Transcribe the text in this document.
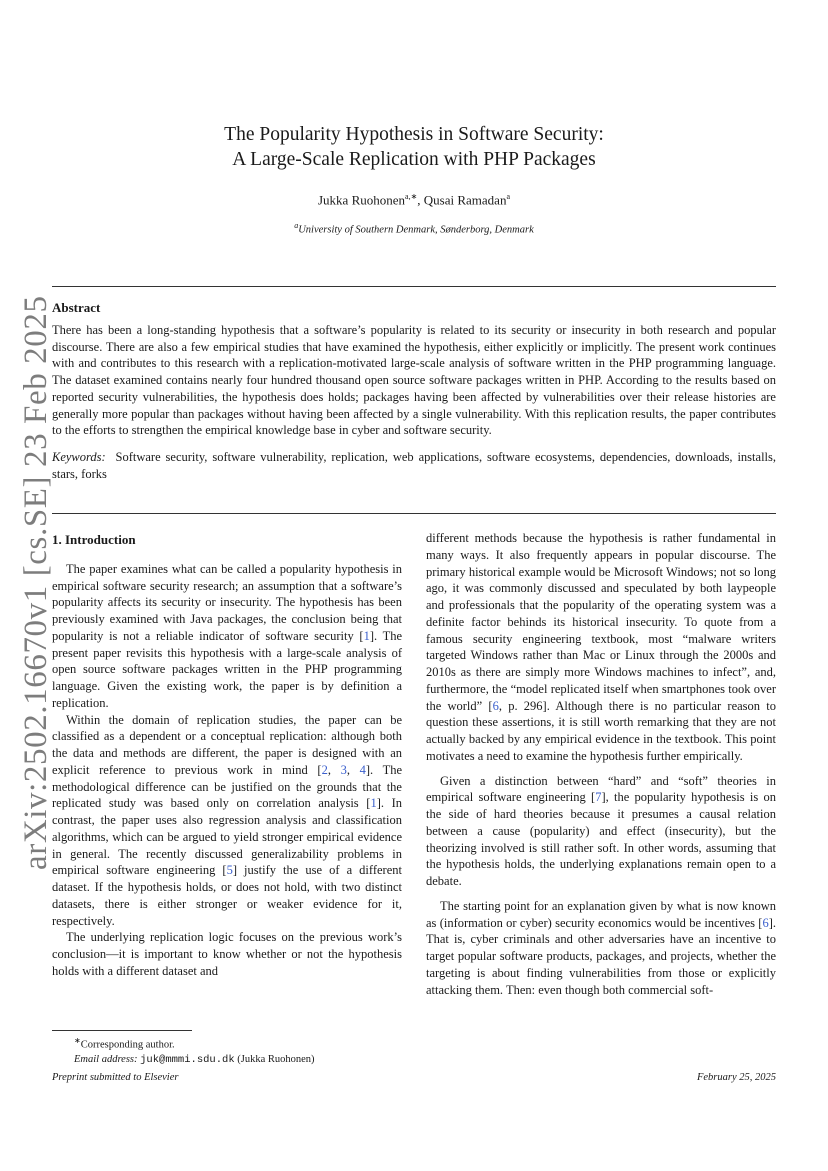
arXiv:2502.16670v1 [cs.SE] 23 Feb 2025
The Popularity Hypothesis in Software Security:
A Large-Scale Replication with PHP Packages
Jukka Ruohonen$^{a,∗}$, Qusai Ramadan$^a$
$^a$University of Southern Denmark, Sønderborg, Denmark
Abstract

There has been a long-standing hypothesis that a software’s popularity is related to its security or insecurity in both research and popular discourse. There are also a few empirical studies that have examined the hypothesis, either explicitly or implicitly. The present work continues with and contributes to this research with a replication-motivated large-scale analysis of software written in the PHP programming language. The dataset examined contains nearly four hundred thousand open source software packages written in PHP. According to the results based on reported security vulnerabilities, the hypothesis does holds; packages having been affected by vulnerabilities over their release histories are generally more popular than packages without having been affected by a single vulnerability. With this replication results, the paper contributes to the efforts to strengthen the empirical knowledge base in cyber and software security.

Keywords: Software security, software vulnerability, replication, web applications, software ecosystems, dependencies, downloads, installs, stars, forks
1. Introduction

The paper examines what can be called a popularity hypothesis in empirical software security research; an assumption that a software’s popularity affects its security or insecurity. The hypothesis has been previously examined with Java packages, the conclusion being that popularity is not a reliable indicator of software security [1]. The present paper revisits this hypothesis with a large-scale analysis of open source software packages written in the PHP programming language. Given the existing work, the paper is by definition a replication.

Within the domain of replication studies, the paper can be classified as a dependent or a conceptual replication: although both the data and methods are different, the paper is designed with an explicit reference to previous work in mind [2, 3, 4]. The methodological difference can be justified on the grounds that the replicated study was based only on correlation analysis [1]. In contrast, the paper uses also regression analysis and classification algorithms, which can be argued to yield stronger empirical evidence in general. The recently discussed generalizability problems in empirical software engineering [5] justify the use of a different dataset. If the hypothesis holds, or does not hold, with two distinct datasets, there is either stronger or weaker evidence for it, respectively.

The underlying replication logic focuses on the previous work’s conclusion—it is important to know whether or not the hypothesis holds with a different dataset and

different methods because the hypothesis is rather fundamental in many ways. It also frequently appears in popular discourse. The primary historical example would be Microsoft Windows; not so long ago, it was commonly discussed and speculated by both laypeople and professionals that the popularity of the operating system was a definite factor behinds its historical insecurity. To quote from a famous security engineering textbook, most “malware writers targeted Windows rather than Mac or Linux through the 2000s and 2010s as there are simply more Windows machines to infect”, and, furthermore, the “model replicated itself when smartphones took over the world” [6, p. 296]. Although there is no particular reason to question these assertions, it is still worth remarking that they are not actually backed by any empirical evidence in the textbook. This point motivates a need to examine the hypothesis further empirically.

Given a distinction between “hard” and “soft” theories in empirical software engineering [7], the popularity hypothesis is on the side of hard theories because it presumes a causal relation between a cause (popularity) and effect (insecurity), but the theorizing involved is still rather soft. In other words, assuming that the hypothesis holds, the underlying explanations remain open to a debate.

The starting point for an explanation given by what is now known as (information or cyber) security economics would be incentives [6]. That is, cyber criminals and other adversaries have an incentive to target popular software products, packages, and projects, whether the targeting is about finding vulnerabilities from those or explicitly attacking them. Then: even though both commercial soft-

∗Corresponding author.
Email address: juk@mmmi.sdu.dk (Jukka Ruohonen)
Preprint submitted to Elsevier	February 25, 2025
